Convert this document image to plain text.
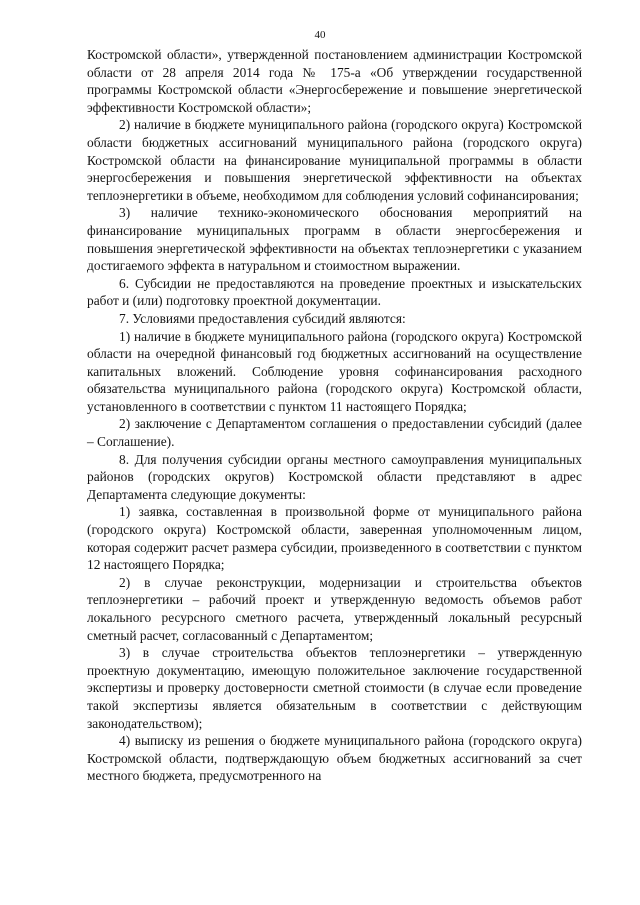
40

Костромской области», утвержденной постановлением администрации Костромской области от 28 апреля 2014 года № 175-а «Об утверждении государственной программы Костромской области «Энергосбережение и повышение энергетической эффективности Костромской области»;

2) наличие в бюджете муниципального района (городского округа) Костромской области бюджетных ассигнований муниципального района (городского округа) Костромской области на финансирование муниципальной программы в области энергосбережения и повышения энергетической эффективности на объектах теплоэнергетики в объеме, необходимом для соблюдения условий софинансирования;

3) наличие технико-экономического обоснования мероприятий на финансирование муниципальных программ в области энергосбережения и повышения энергетической эффективности на объектах теплоэнергетики с указанием достигаемого эффекта в натуральном и стоимостном выражении.

6. Субсидии не предоставляются на проведение проектных и изыскательских работ и (или) подготовку проектной документации.

7. Условиями предоставления субсидий являются:

1) наличие в бюджете муниципального района (городского округа) Костромской области на очередной финансовый год бюджетных ассигнований на осуществление капитальных вложений. Соблюдение уровня софинансирования расходного обязательства муниципального района (городского округа) Костромской области, установленного в соответствии с пунктом 11 настоящего Порядка;

2) заключение с Департаментом соглашения о предоставлении субсидий (далее – Соглашение).

8. Для получения субсидии органы местного самоуправления муниципальных районов (городских округов) Костромской области представляют в адрес Департамента следующие документы:

1) заявка, составленная в произвольной форме от муниципального района (городского округа) Костромской области, заверенная уполномоченным лицом, которая содержит расчет размера субсидии, произведенного в соответствии с пунктом 12 настоящего Порядка;

2) в случае реконструкции, модернизации и строительства объектов теплоэнергетики – рабочий проект и утвержденную ведомость объемов работ локального ресурсного сметного расчета, утвержденный локальный ресурсный сметный расчет, согласованный с Департаментом;

3) в случае строительства объектов теплоэнергетики – утвержденную проектную документацию, имеющую положительное заключение государственной экспертизы и проверку достоверности сметной стоимости (в случае если проведение такой экспертизы является обязательным в соответствии с действующим законодательством);

4) выписку из решения о бюджете муниципального района (городского округа) Костромской области, подтверждающую объем бюджетных ассигнований за счет местного бюджета, предусмотренного на
